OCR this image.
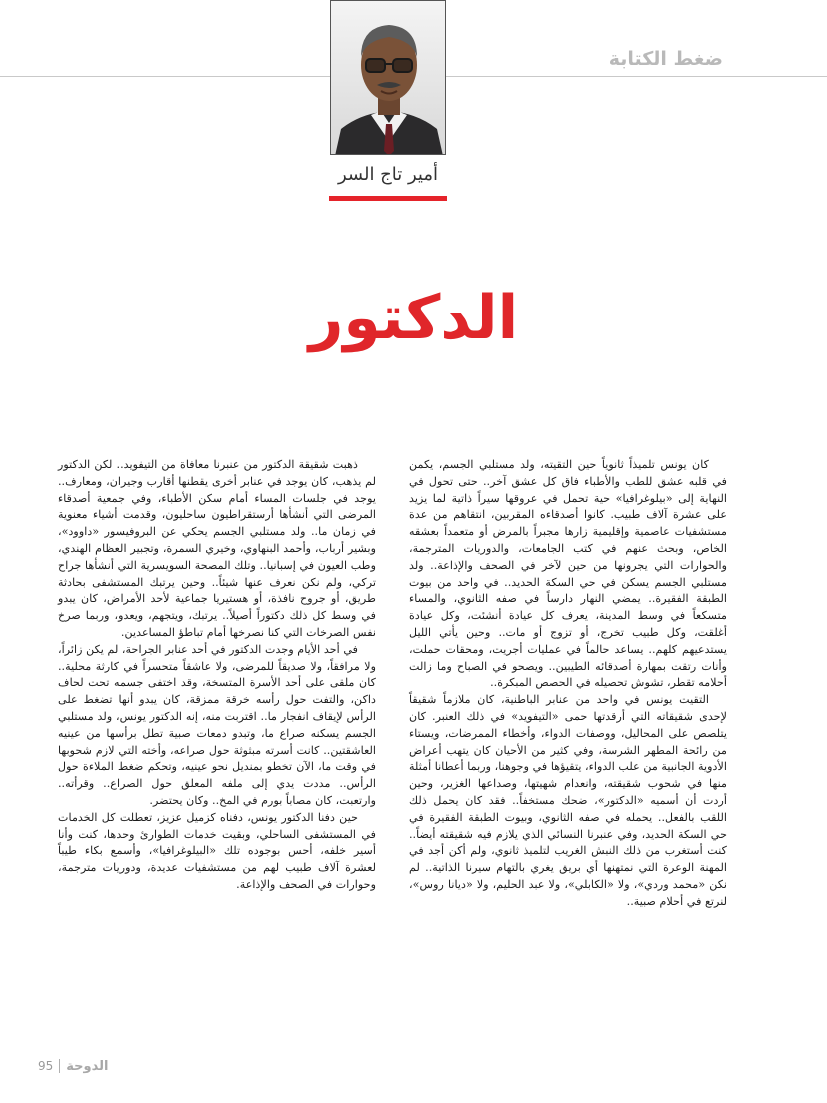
ضغط الكتابة
أمير تاج السر
الدكتور

كان يونس تلميذاً ثانوياً حين التقيته، ولد مستلبي الجسم، يكمن في قلبه عشق للطب والأطباء فاق كل عشق آخر.. حتى تحول في النهاية إلى «بيلوغرافيا» حية تحمل في عروقها سيراً ذاتية لما يزيد على عشرة آلاف طبيب. كانوا أصدقاءه المقربين، انتقاهم من عدة مستشفيات عاصمية وإقليمية زارها مجبراً بالمرض أو متعمداً بعشقه الخاص، وبحث عنهم في كتب الجامعات، والدوريات المترجمة، والحوارات التي يجرونها من حين لآخر في الصحف والإذاعة.. ولد مستلبي الجسم يسكن في حي السكة الحديد.. في واحد من بيوت الطبقة الفقيرة.. يمضي النهار دارساً في صفه الثانوي، والمساء متسكعاً في وسط المدينة، يعرف كل عيادة أنشئت، وكل عيادة أغلقت، وكل طبيب تخرج، أو تزوج أو مات.. وحين يأتي الليل يستدعيهم كلهم.. يساعد حالماً في عمليات أجريت، ومحقات حملت، وأنات رتقت بمهارة أصدقائه الطيبين.. ويصحو في الصباح وما زالت أحلامه تقطر، تشوش تحصيله في الحصص المبكرة..

التقيت يونس في واحد من عنابر الباطنية، كان ملازماً شقيقاً لإحدى شقيقاته التي أرقدتها حمى «التيفويد» في ذلك العنبر. كان يتلصص على المحاليل، ووصفات الدواء، وأخطاء الممرضات، ويستاء من رائحة المطهر الشرسة، وفي كثير من الأحيان كان يتهب أعراض الأدوية الجانبية من علب الدواء، يتقيؤها في وجوهنا، وربما أعطانا أمثلة منها في شحوب شقيقته، وانعدام شهيتها، وصداعها الغزير، وحين أردت أن أسميه «الدكتور»، ضحك مستخفاً.. فقد كان يحمل ذلك اللقب بالفعل.. يحمله في صفه الثانوي، وبيوت الطبقة الفقيرة في حي السكة الحديد، وفي عنبرنا النسائي الذي يلازم فيه شقيقته أيضاً.. كنت أستغرب من ذلك النبش الغريب لتلميذ ثانوي، ولم أكن أجد في المهنة الوعرة التي نمتهنها أي بريق يغري بالتهام سيرنا الذاتية.. لم نكن «محمد وردي»، ولا «الكابلي»، ولا عبد الحليم، ولا «ديانا روس»، لنرتع في أحلام صبية..

ذهبت شقيقة الدكتور من عنبرنا معافاة من التيفويد.. لكن الدكتور لم يذهب، كان يوجد في عنابر أخرى يقطنها أقارب وجيران، ومعارف.. يوجد في جلسات المساء أمام سكن الأطباء، وفي جمعية أصدقاء المرضى التي أنشأها أرستقراطيون ساحليون، وقدمت أشياء معنوية في زمان ما.. ولد مستلبي الجسم يحكي عن البروفيسور «داوود»، وبشير أرباب، وأحمد البنهاوي، وخيري السمرة، وتجبير العظام الهندي، وطب العيون في إسبانيا.. وتلك المصحة السويسرية التي أنشأها جراح تركي، ولم نكن نعرف عنها شيئاً.. وحين يرتبك المستشفى بحادثة طريق، أو جروح نافذة، أو هستيريا جماعية لأحد الأمراض، كان يبدو في وسط كل ذلك دكتوراً أصيلاً.. يرتبك، ويتجهم، ويعدو، وربما صرخ نفس الصرخات التي كنا نصرخها أمام تباطؤ المساعدين.

في أحد الأيام وجدت الدكتور في أحد عنابر الجراحة، لم يكن زائراً، ولا مرافقاً، ولا صديقاً للمرضى، ولا عاشقاً متحسراً في كارثة محلية.. كان ملقى على أحد الأسرة المتسخة، وقد اختفى جسمه تحت لحاف داكن، والتفت حول رأسه خرقة ممزقة، كان يبدو أنها تضغط على الرأس لإيقاف انفجار ما.. اقتربت منه، إنه الدكتور يونس، ولد مستلبي الجسم يسكنه صراع ما، وتبدو دمعات صبية تطل برأسها من عينيه العاشقتين.. كانت أسرته مبثوثة حول صراعه، وأخته التي لازم شحوبها في وقت ما، الآن تخطو بمنديل نحو عينيه، وتحكم ضغط الملاءة حول الرأس.. مددت يدي إلى ملفه المعلق حول الصراع.. وقرأته.. وارتعبت، كان مصاباً بورم في المخ.. وكان يحتضر.

حين دفنا الدكتور يونس، دفناه كزميل عزيز، تعطلت كل الخدمات في المستشفى الساحلي، وبقيت خدمات الطوارئ وحدها، كنت وأنا أسير خلفه، أحس بوجوده تلك «البيلوغرافيا»، وأسمع بكاء طيباً لعشرة آلاف طبيب لهم من مستشفيات عديدة، ودوريات مترجمة، وحوارات في الصحف والإذاعة.

95 الدوحة
